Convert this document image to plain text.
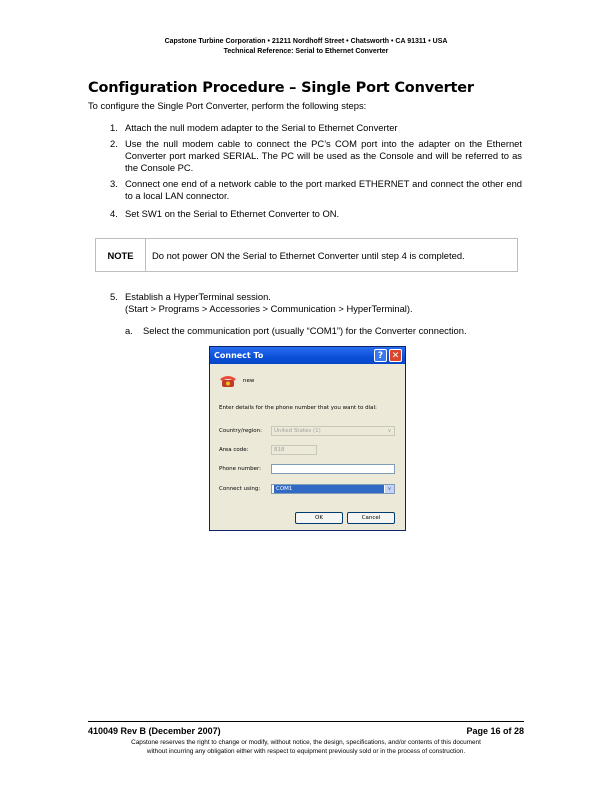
Capstone Turbine Corporation • 21211 Nordhoff Street • Chatsworth • CA 91311 • USA
Technical Reference: Serial to Ethernet Converter
Configuration Procedure – Single Port Converter
To configure the Single Port Converter, perform the following steps:
1. Attach the null modem adapter to the Serial to Ethernet Converter
2. Use the null modem cable to connect the PC’s COM port into the adapter on the Ethernet Converter port marked SERIAL. The PC will be used as the Console and will be referred to as the Console PC.
3. Connect one end of a network cable to the port marked ETHERNET and connect the other end to a local LAN connector.
4. Set SW1 on the Serial to Ethernet Converter to ON.
NOTE	Do not power ON the Serial to Ethernet Converter until step 4 is completed.
5. Establish a HyperTerminal session.
(Start > Programs > Accessories > Communication > HyperTerminal).
a. Select the communication port (usually “COM1”) for the Converter connection.
Connect To	? ✕
new
Enter details for the phone number that you want to dial:
Country/region: United States (1)	∨
Area code:	818
Phone number:
Connect using:	COM1	∨
OK	Cancel
410049 Rev B (December 2007)	Page 16 of 28
Capstone reserves the right to change or modify, without notice, the design, specifications, and/or contents of this document
without incurring any obligation either with respect to equipment previously sold or in the process of construction.
